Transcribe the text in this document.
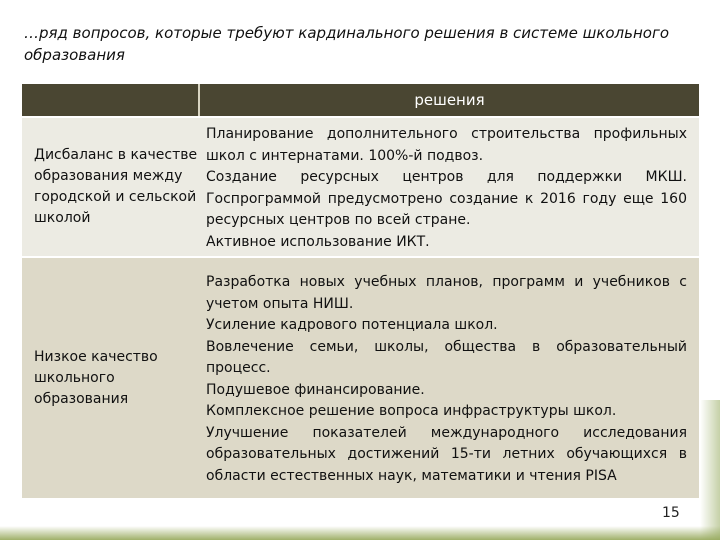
…ряд вопросов, которые требуют кардинального решения в системе школьного образования
решения
Дисбаланс в качестве образования между городской и сельской школой
Планирование дополнительного строительства профильных школ с интернатами. 100%-й подвоз.
Создание ресурсных центров для поддержки МКШ. Госпрограммой предусмотрено создание к 2016 году еще 160 ресурсных центров по всей стране.
Активное использование ИКТ.
Низкое качество школьного образования
Разработка новых учебных планов, программ и учебников с учетом опыта НИШ.
Усиление кадрового потенциала школ.
Вовлечение семьи, школы, общества в образовательный процесс.
Подушевое финансирование.
Комплексное решение вопроса инфраструктуры школ.
Улучшение показателей международного исследования образовательных достижений 15-ти летних обучающихся в области естественных наук, математики и чтения PISA
15
